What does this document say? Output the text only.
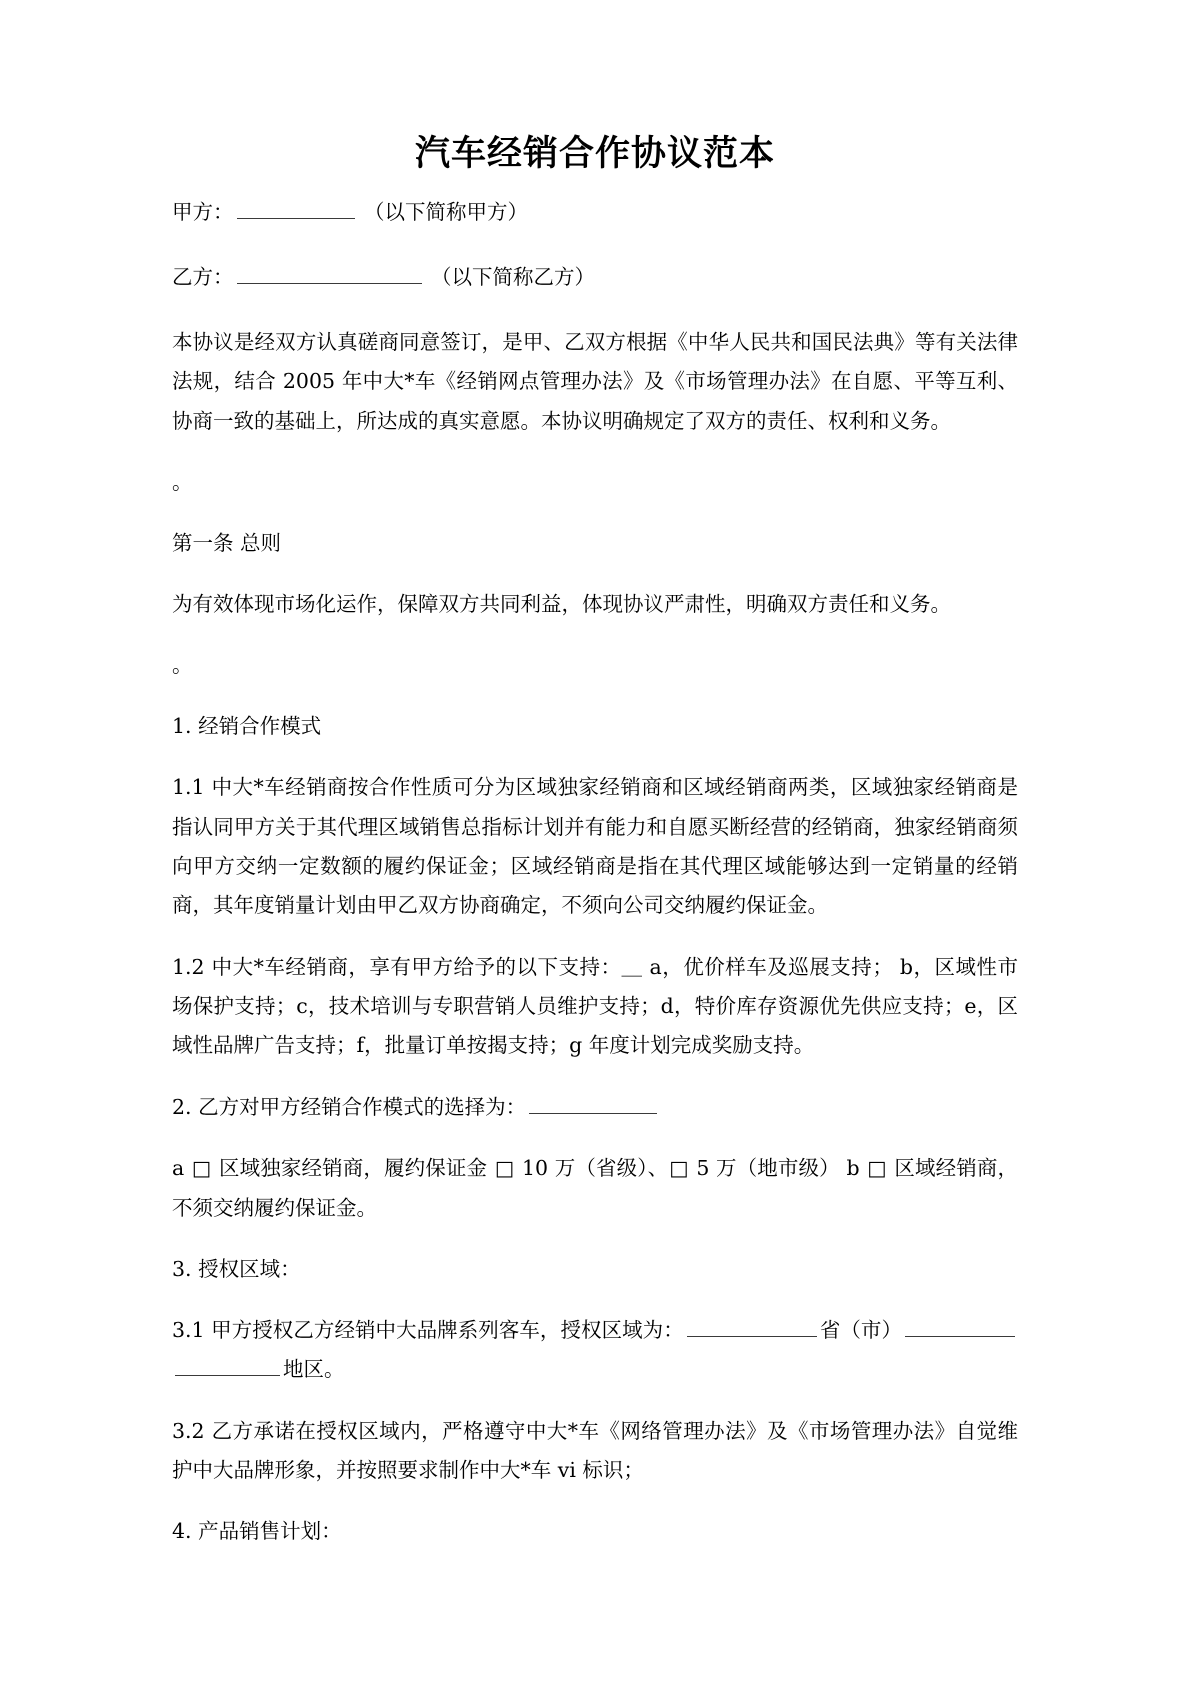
汽车经销合作协议范本

甲方：	（以下简称甲方）

乙方：	（以下简称乙方）

本协议是经双方认真磋商同意签订，是甲、乙双方根据《中华人民共和国民法典》等有关法律法规，结合 2005 年中大*车《经销网点管理办法》及《市场管理办法》在自愿、平等互利、协商一致的基础上，所达成的真实意愿。本协议明确规定了双方的责任、权利和义务。

。

第一条 总则

为有效体现市场化运作，保障双方共同利益，体现协议严肃性，明确双方责任和义务。

。

1. 经销合作模式

1.1 中大*车经销商按合作性质可分为区域独家经销商和区域经销商两类，区域独家经销商是指认同甲方关于其代理区域销售总指标计划并有能力和自愿买断经营的经销商，独家经销商须向甲方交纳一定数额的履约保证金；区域经销商是指在其代理区域能够达到一定销量的经销商，其年度销量计划由甲乙双方协商确定，不须向公司交纳履约保证金。

1.2 中大*车经销商，享有甲方给予的以下支持：＿ a，优价样车及巡展支持； b，区域性市场保护支持；c，技术培训与专职营销人员维护支持；d，特价库存资源优先供应支持；e，区域性品牌广告支持；f，批量订单按揭支持；g 年度计划完成奖励支持。

2. 乙方对甲方经销合作模式的选择为：

a □ 区域独家经销商，履约保证金 □ 10 万（省级）、□ 5 万（地市级） b □ 区域经销商，不须交纳履约保证金。

3. 授权区域：

3.1 甲方授权乙方经销中大品牌系列客车，授权区域为：	省（市）地区。

3.2 乙方承诺在授权区域内，严格遵守中大*车《网络管理办法》及《市场管理办法》自觉维护中大品牌形象，并按照要求制作中大*车 vi 标识；

4. 产品销售计划：
